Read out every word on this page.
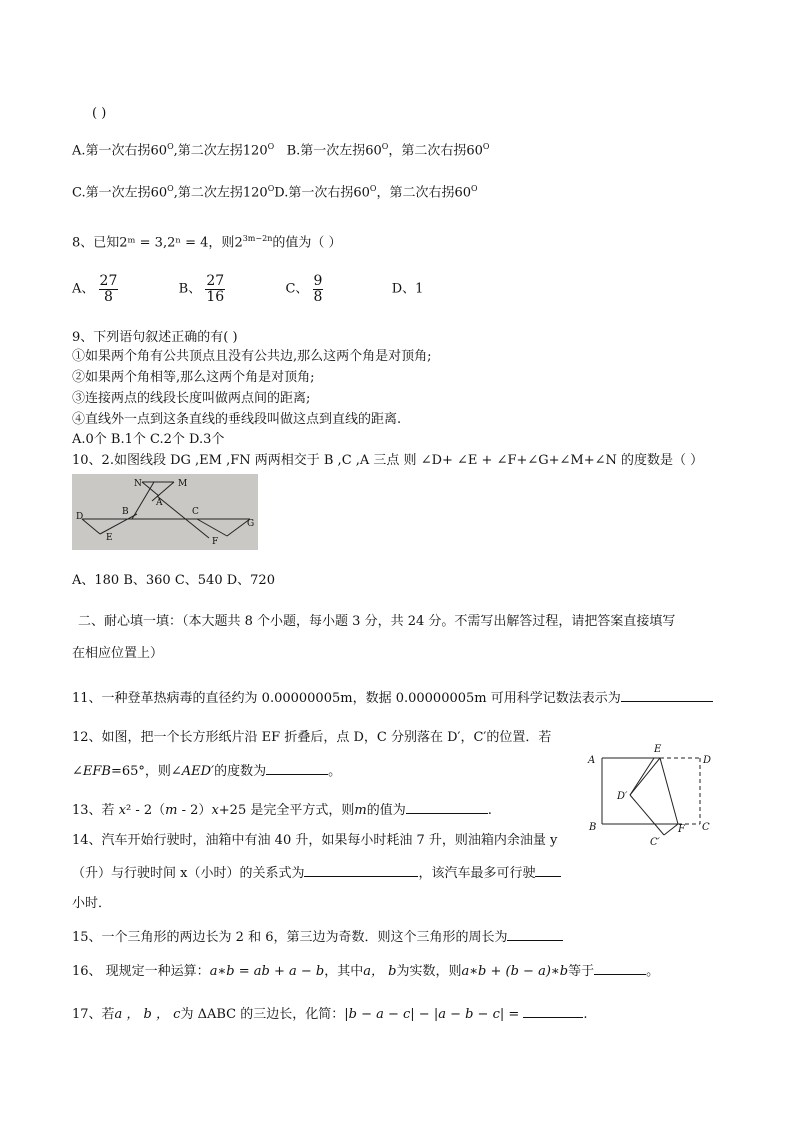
( )
A.第一次右拐$60^O$,第二次左拐$120^O$ B.第一次左拐$60^O$，第二次右拐$60^O$
C.第一次左拐$60^O$,第二次左拐$120^OD$.第一次右拐$60^O$，第二次右拐$60^O$
8、已知2ᵐ = 3,2ⁿ = 4，则$2^{3m-2n}$的值为（ ）
A、 $\frac{27}{8}$	B、 $\frac{27}{16}$	C、 $\frac{9}{8}$	D、1
9、下列语句叙述正确的有( )
①如果两个角有公共顶点且没有公共边,那么这两个角是对顶角;
②如果两个角相等,那么这两个角是对顶角;
③连接两点的线段长度叫做两点间的距离;
④直线外一点到这条直线的垂线段叫做这点到直线的距离.
A.0个 B.1个 C.2个 D.3个
10、2.如图线段 DG ,EM ,FN 两两相交于 B ,C ,A 三点 则 ∠D+ ∠E + ∠F+∠G+∠M+∠N 的度数是（ ）
N	M
A
B	C
D
E	F
G
A、180 B、360 C、540 D、720
二、耐心填一填：（本大题共 8 个小题，每小题 3 分，共 24 分。不需写出解答过程，请把答案直接填写
在相应位置上）
11、一种登革热病毒的直径约为 0.00000005m，数据 0.00000005m 可用科学记数法表示为
12、如图，把一个长方形纸片沿 EF 折叠后，点 D，C 分别落在 D′，C′的位置．若
∠EFB=65°，则∠AED′的度数为	。
A
E
D
D′
B	F C
C′
13、若 x² - 2（m - 2）x+25 是完全平方式，则m的值为	.
14、汽车开始行驶时，油箱中有油 40 升，如果每小时耗油 7 升，则油箱内余油量 y
（升）与行驶时间 x（小时）的关系式为	，该汽车最多可行驶
小时．
15、一个三角形的两边长为 2 和 6，第三边为奇数．则这个三角形的周长为
16、 现规定一种运算：a∗b = ab + a − b，其中a， b为实数，则a∗b + (b − a)∗b等于	。
17、若a ， b ， c为 ΔABC 的三边长，化简：|b − a − c| − |a − b − c| =	.
